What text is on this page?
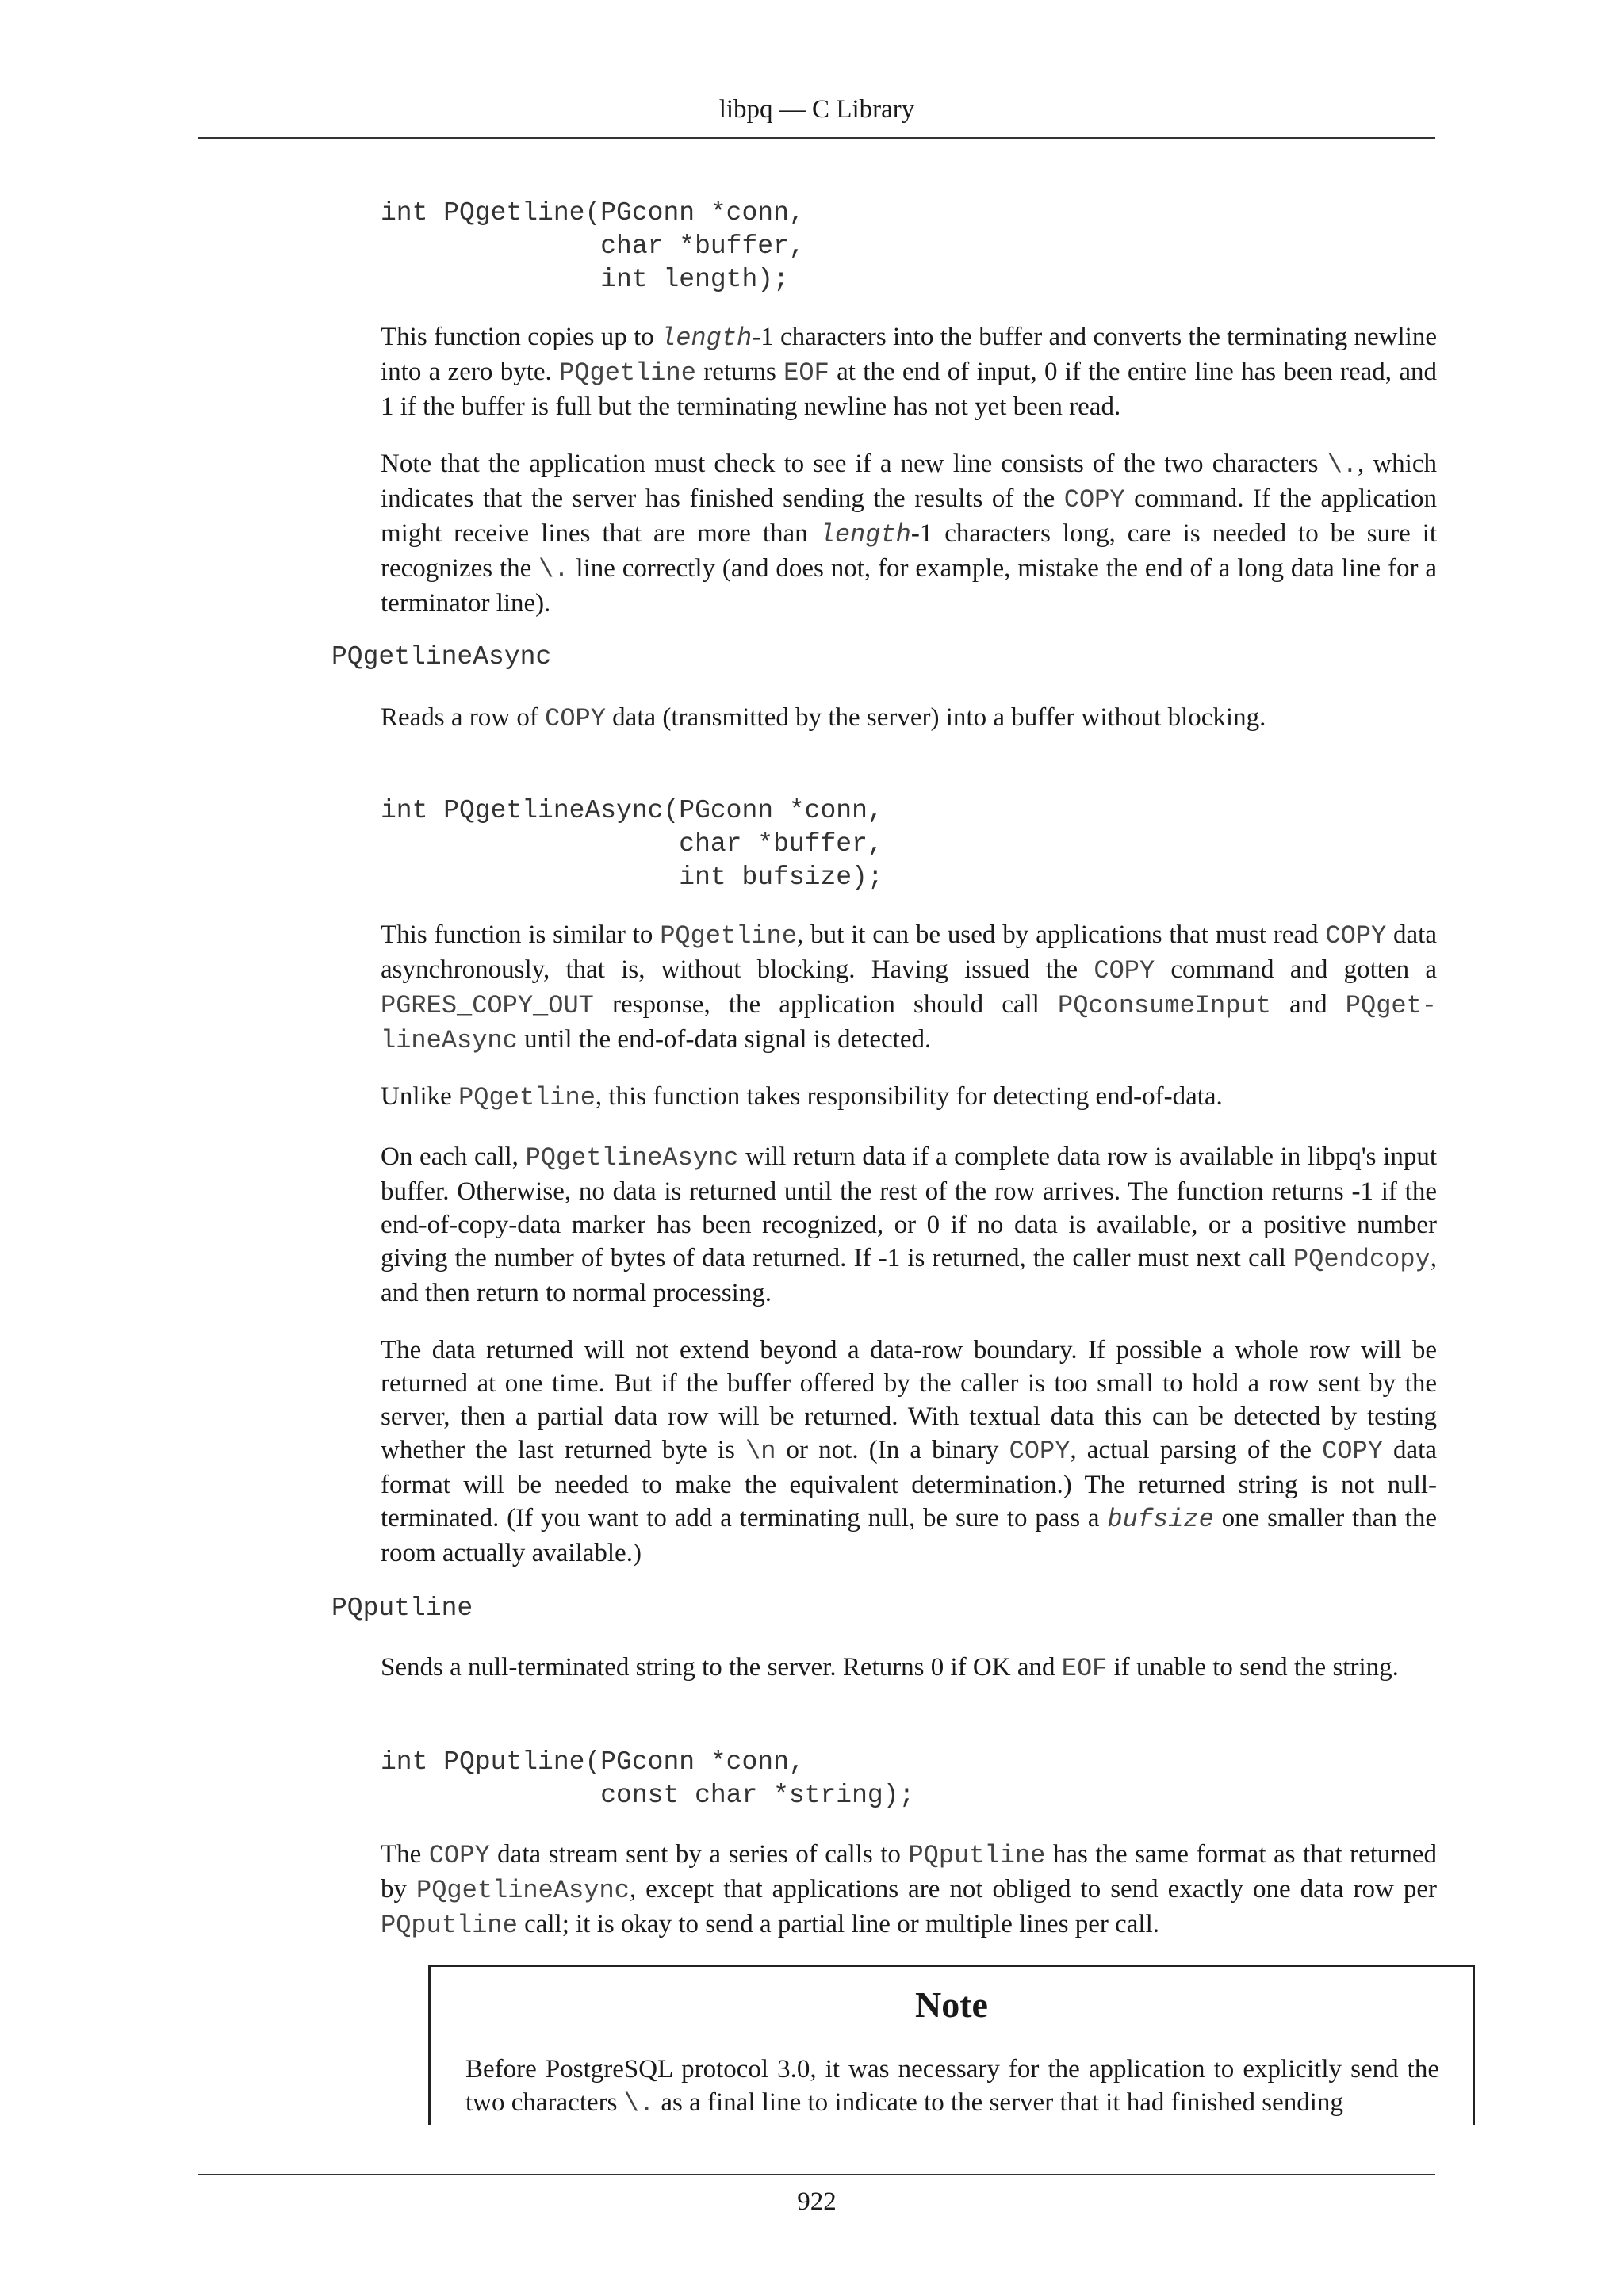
libpq — C Library
int PQgetline(PGconn *conn,
char *buffer,
int length);

This function copies up to length-1 characters into the buffer and converts the terminating newline into a zero byte. PQgetline returns EOF at the end of input, 0 if the entire line has been read, and 1 if the buffer is full but the terminating newline has not yet been read.

Note that the application must check to see if a new line consists of the two characters \., which indicates that the server has finished sending the results of the COPY command. If the application might receive lines that are more than length-1 characters long, care is needed to be sure it recognizes the \. line correctly (and does not, for example, mistake the end of a long data line for a terminator line).

PQgetlineAsync

Reads a row of COPY data (transmitted by the server) into a buffer without blocking.

int PQgetlineAsync(PGconn *conn,
char *buffer,
int bufsize);

This function is similar to PQgetline, but it can be used by applications that must read COPY data asynchronously, that is, without blocking. Having issued the COPY command and gotten a PGRES_COPY_OUT response, the application should call PQconsumeInput and PQget-lineAsync until the end-of-data signal is detected.

Unlike PQgetline, this function takes responsibility for detecting end-of-data.

On each call, PQgetlineAsync will return data if a complete data row is available in libpq's input buffer. Otherwise, no data is returned until the rest of the row arrives. The function returns -1 if the end-of-copy-data marker has been recognized, or 0 if no data is available, or a positive number giving the number of bytes of data returned. If -1 is returned, the caller must next call PQendcopy, and then return to normal processing.

The data returned will not extend beyond a data-row boundary. If possible a whole row will be returned at one time. But if the buffer offered by the caller is too small to hold a row sent by the server, then a partial data row will be returned. With textual data this can be detected by testing whether the last returned byte is \n or not. (In a binary COPY, actual parsing of the COPY data format will be needed to make the equivalent determination.) The returned string is not null-terminated. (If you want to add a terminating null, be sure to pass a bufsize one smaller than the room actually available.)

PQputline

Sends a null-terminated string to the server. Returns 0 if OK and EOF if unable to send the string.

int PQputline(PGconn *conn,
const char *string);

The COPY data stream sent by a series of calls to PQputline has the same format as that returned by PQgetlineAsync, except that applications are not obliged to send exactly one data row per PQputline call; it is okay to send a partial line or multiple lines per call.

Note

Before PostgreSQL protocol 3.0, it was necessary for the application to explicitly send the two characters \. as a final line to indicate to the server that it had finished sending

922
